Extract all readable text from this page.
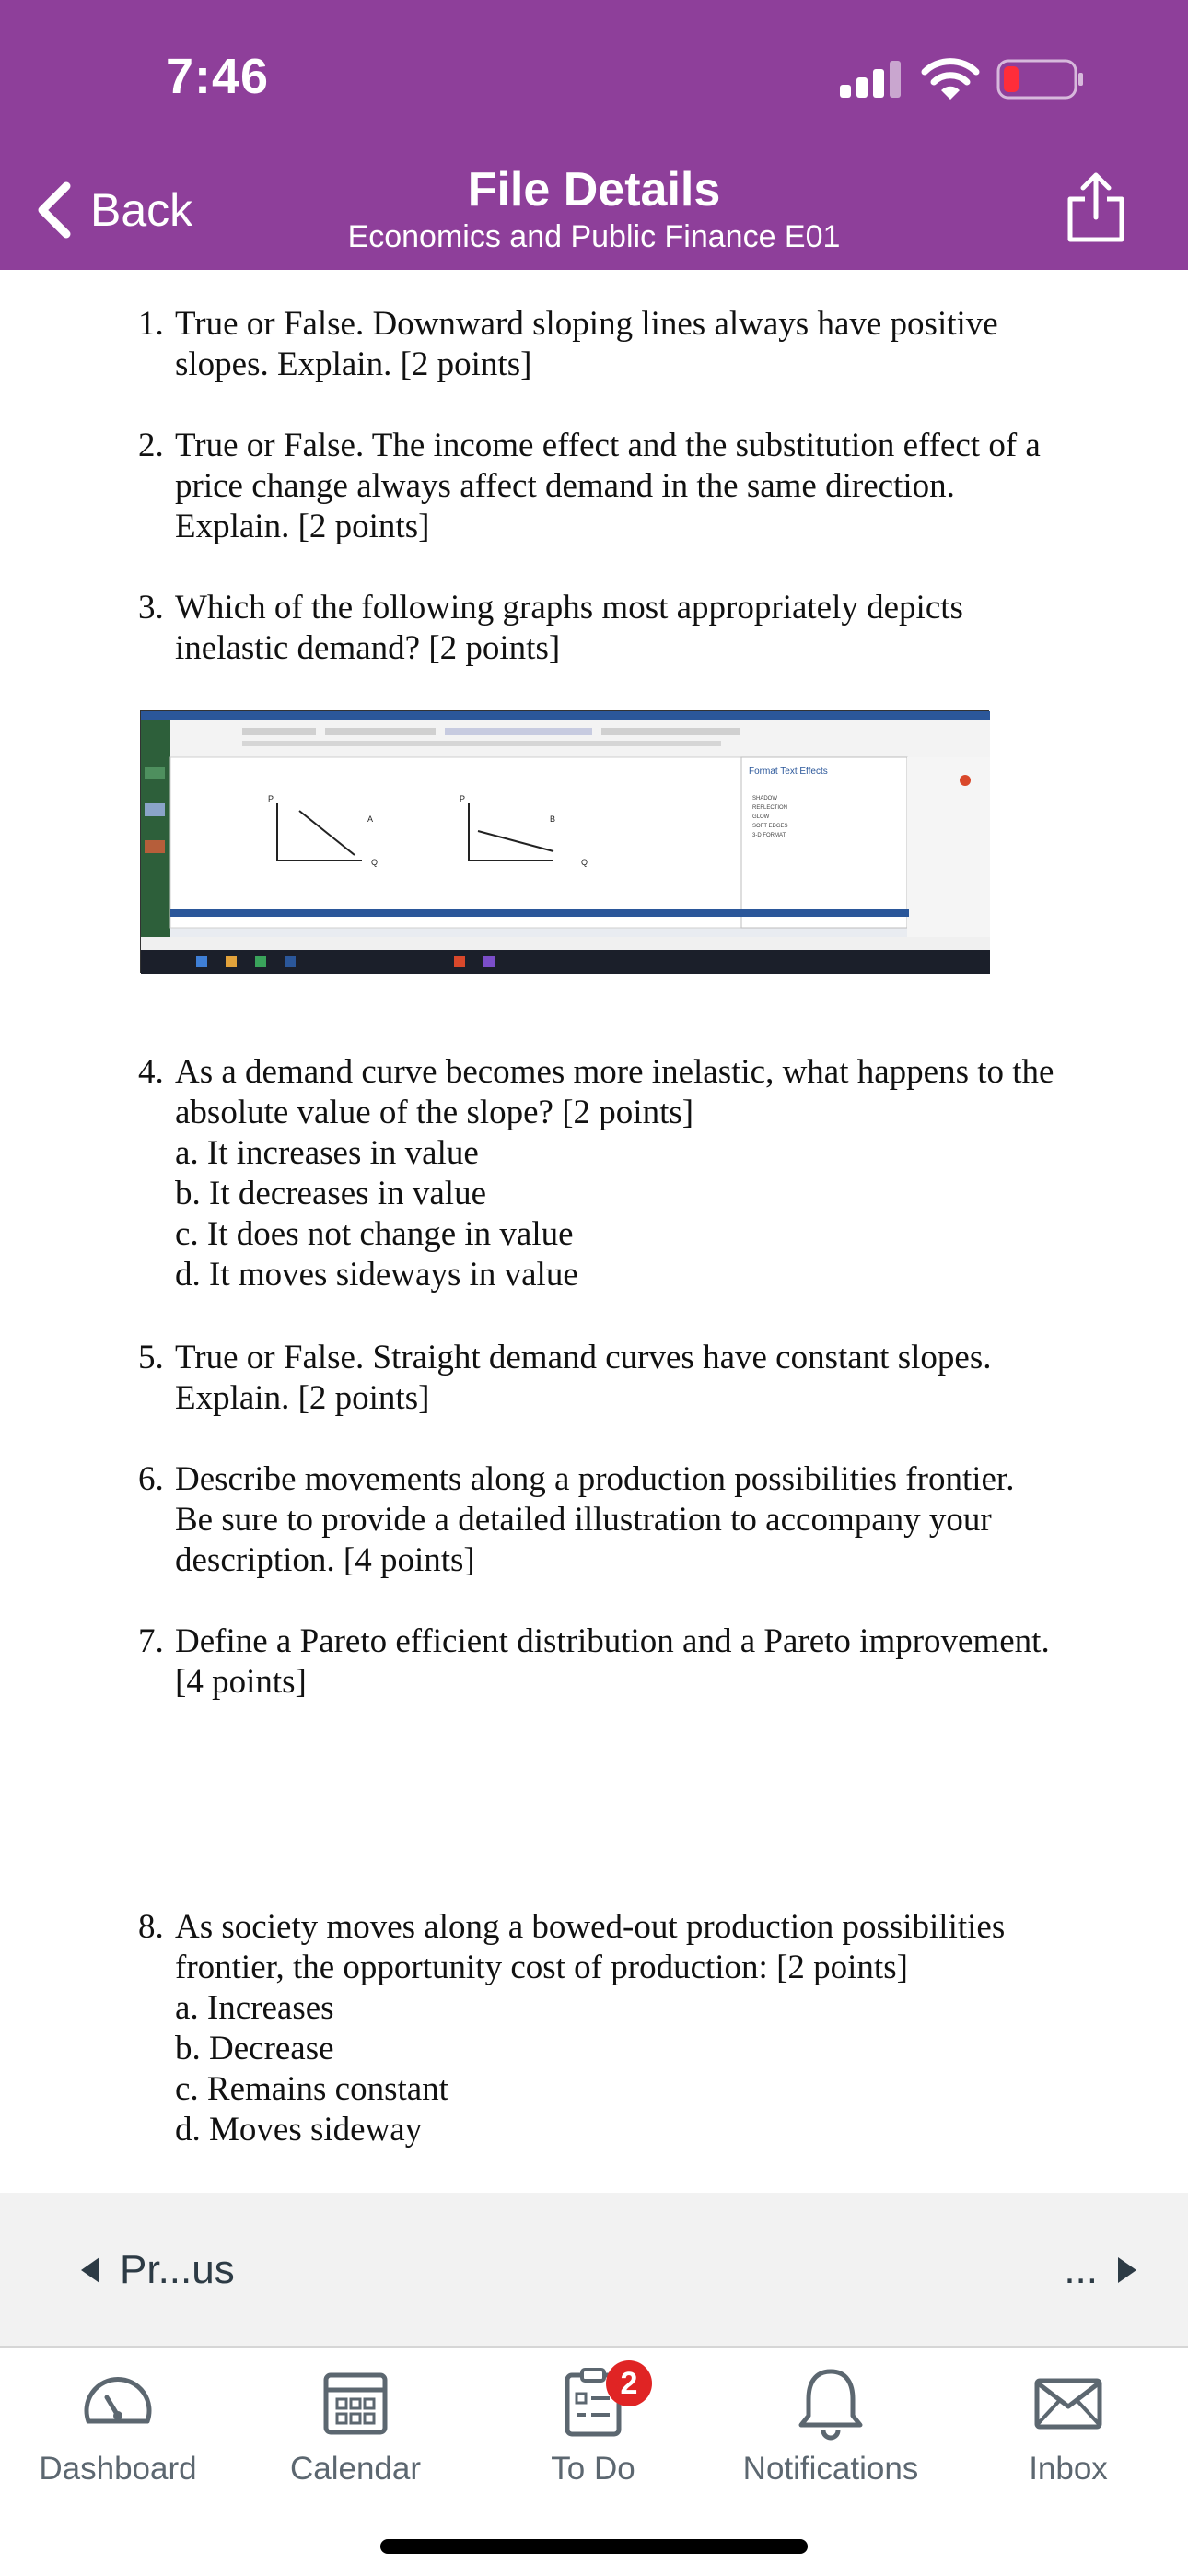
7:46
Back	File Details
Economics and Public Finance E01
1. True or False. Downward sloping lines always have positive slopes. Explain. [2 points]
2. True or False. The income effect and the substitution effect of a price change always affect demand in the same direction. Explain. [2 points]
3. Which of the following graphs most appropriately depicts inelastic demand? [2 points]
P
Q
A
P
Q
B
Format Text Effects
SHADOW
REFLECTION
GLOW
SOFT EDGES
3-D FORMAT
4. As a demand curve becomes more inelastic, what happens to the absolute value of the slope? [2 points]
a. It increases in value
b. It decreases in value
c. It does not change in value
d. It moves sideways in value
5. True or False. Straight demand curves have constant slopes. Explain. [2 points]
6. Describe movements along a production possibilities frontier. Be sure to provide a detailed illustration to accompany your description. [4 points]
7. Define a Pareto efficient distribution and a Pareto improvement. [4 points]
8. As society moves along a bowed-out production possibilities frontier, the opportunity cost of production: [2 points]
a. Increases
b. Decrease
c. Remains constant
d. Moves sideway
Pr...us	...
Dashboard	Calendar
2
To Do	Notifications	Inbox
